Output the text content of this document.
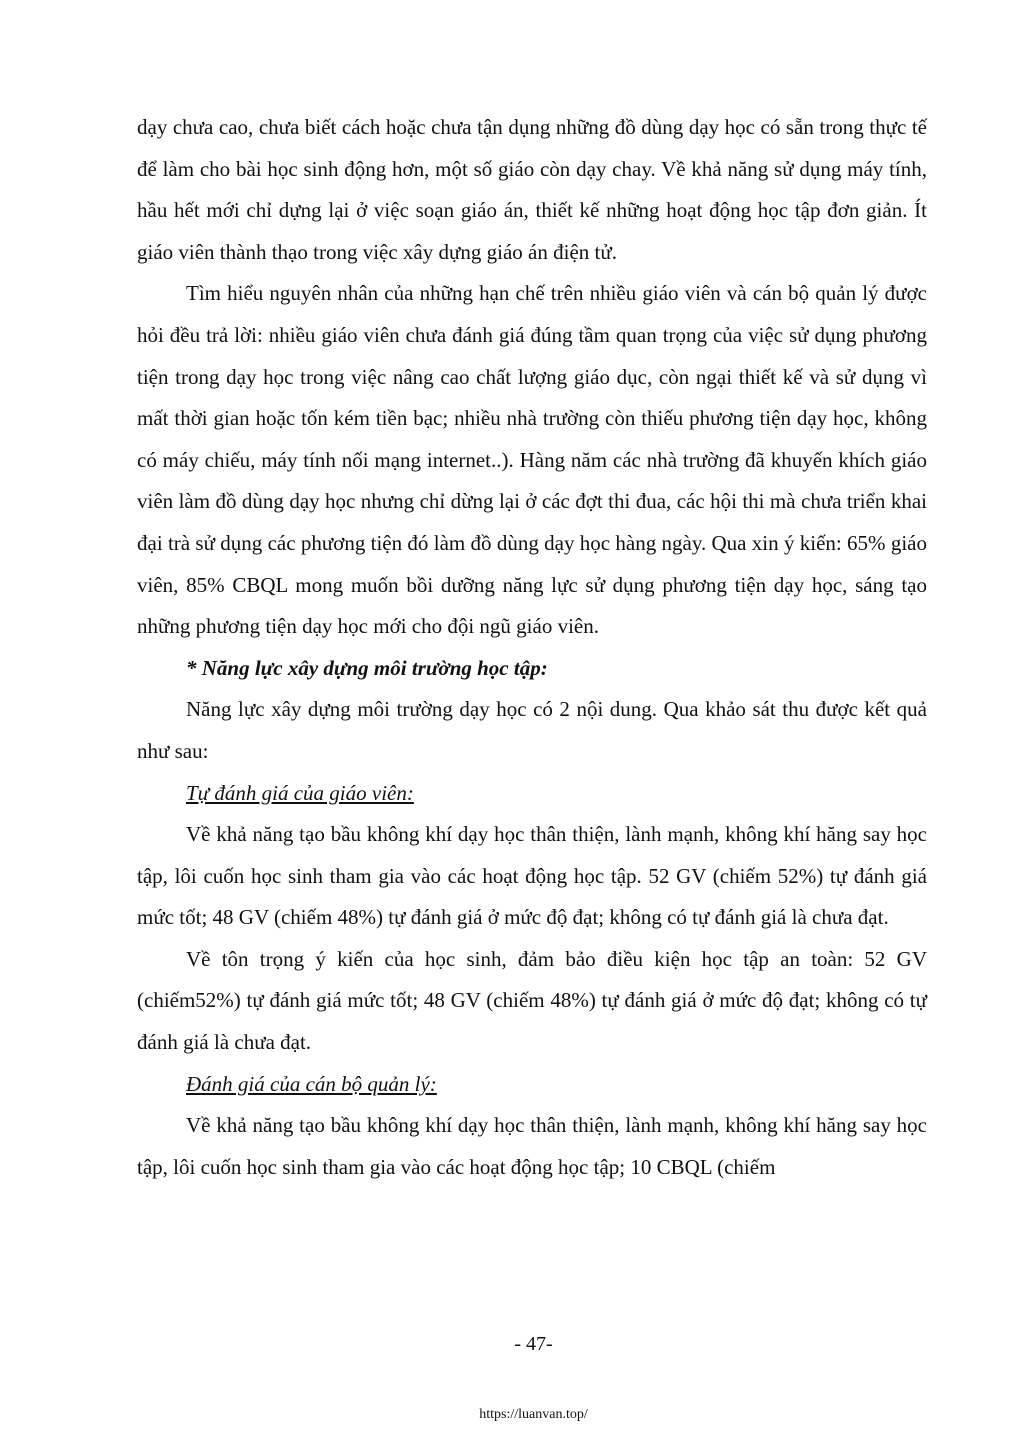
dạy chưa cao, chưa biết cách hoặc chưa tận dụng những đồ dùng dạy học có sẵn trong thực tế để làm cho bài học sinh động hơn, một số giáo còn dạy chay. Về khả năng sử dụng máy tính, hầu hết mới chỉ dựng lại ở việc soạn giáo án, thiết kế những hoạt động học tập đơn giản. Ít giáo viên thành thạo trong việc xây dựng giáo án điện tử.

Tìm hiểu nguyên nhân của những hạn chế trên nhiều giáo viên và cán bộ quản lý được hỏi đều trả lời: nhiều giáo viên chưa đánh giá đúng tầm quan trọng của việc sử dụng phương tiện trong dạy học trong việc nâng cao chất lượng giáo dục, còn ngại thiết kế và sử dụng vì mất thời gian hoặc tốn kém tiền bạc; nhiều nhà trường còn thiếu phương tiện dạy học, không có máy chiếu, máy tính nối mạng internet..). Hàng năm các nhà trường đã khuyến khích giáo viên làm đồ dùng dạy học nhưng chỉ dừng lại ở các đợt thi đua, các hội thi mà chưa triển khai đại trà sử dụng các phương tiện đó làm đồ dùng dạy học hàng ngày. Qua xin ý kiến: 65% giáo viên, 85% CBQL mong muốn bồi dưỡng năng lực sử dụng phương tiện dạy học, sáng tạo những phương tiện dạy học mới cho đội ngũ giáo viên.

* Năng lực xây dựng môi trường học tập:

Năng lực xây dựng môi trường dạy học có 2 nội dung. Qua khảo sát thu được kết quả như sau:

Tự đánh giá của giáo viên:

Về khả năng tạo bầu không khí dạy học thân thiện, lành mạnh, không khí hăng say học tập, lôi cuốn học sinh tham gia vào các hoạt động học tập. 52 GV (chiếm 52%) tự đánh giá mức tốt; 48 GV (chiếm 48%) tự đánh giá ở mức độ đạt; không có tự đánh giá là chưa đạt.

Về tôn trọng ý kiến của học sinh, đảm bảo điều kiện học tập an toàn: 52 GV (chiếm52%) tự đánh giá mức tốt; 48 GV (chiếm 48%) tự đánh giá ở mức độ đạt; không có tự đánh giá là chưa đạt.

Đánh giá của cán bộ quản lý:

Về khả năng tạo bầu không khí dạy học thân thiện, lành mạnh, không khí hăng say học tập, lôi cuốn học sinh tham gia vào các hoạt động học tập; 10 CBQL (chiếm

- 47-
https://luanvan.top/
